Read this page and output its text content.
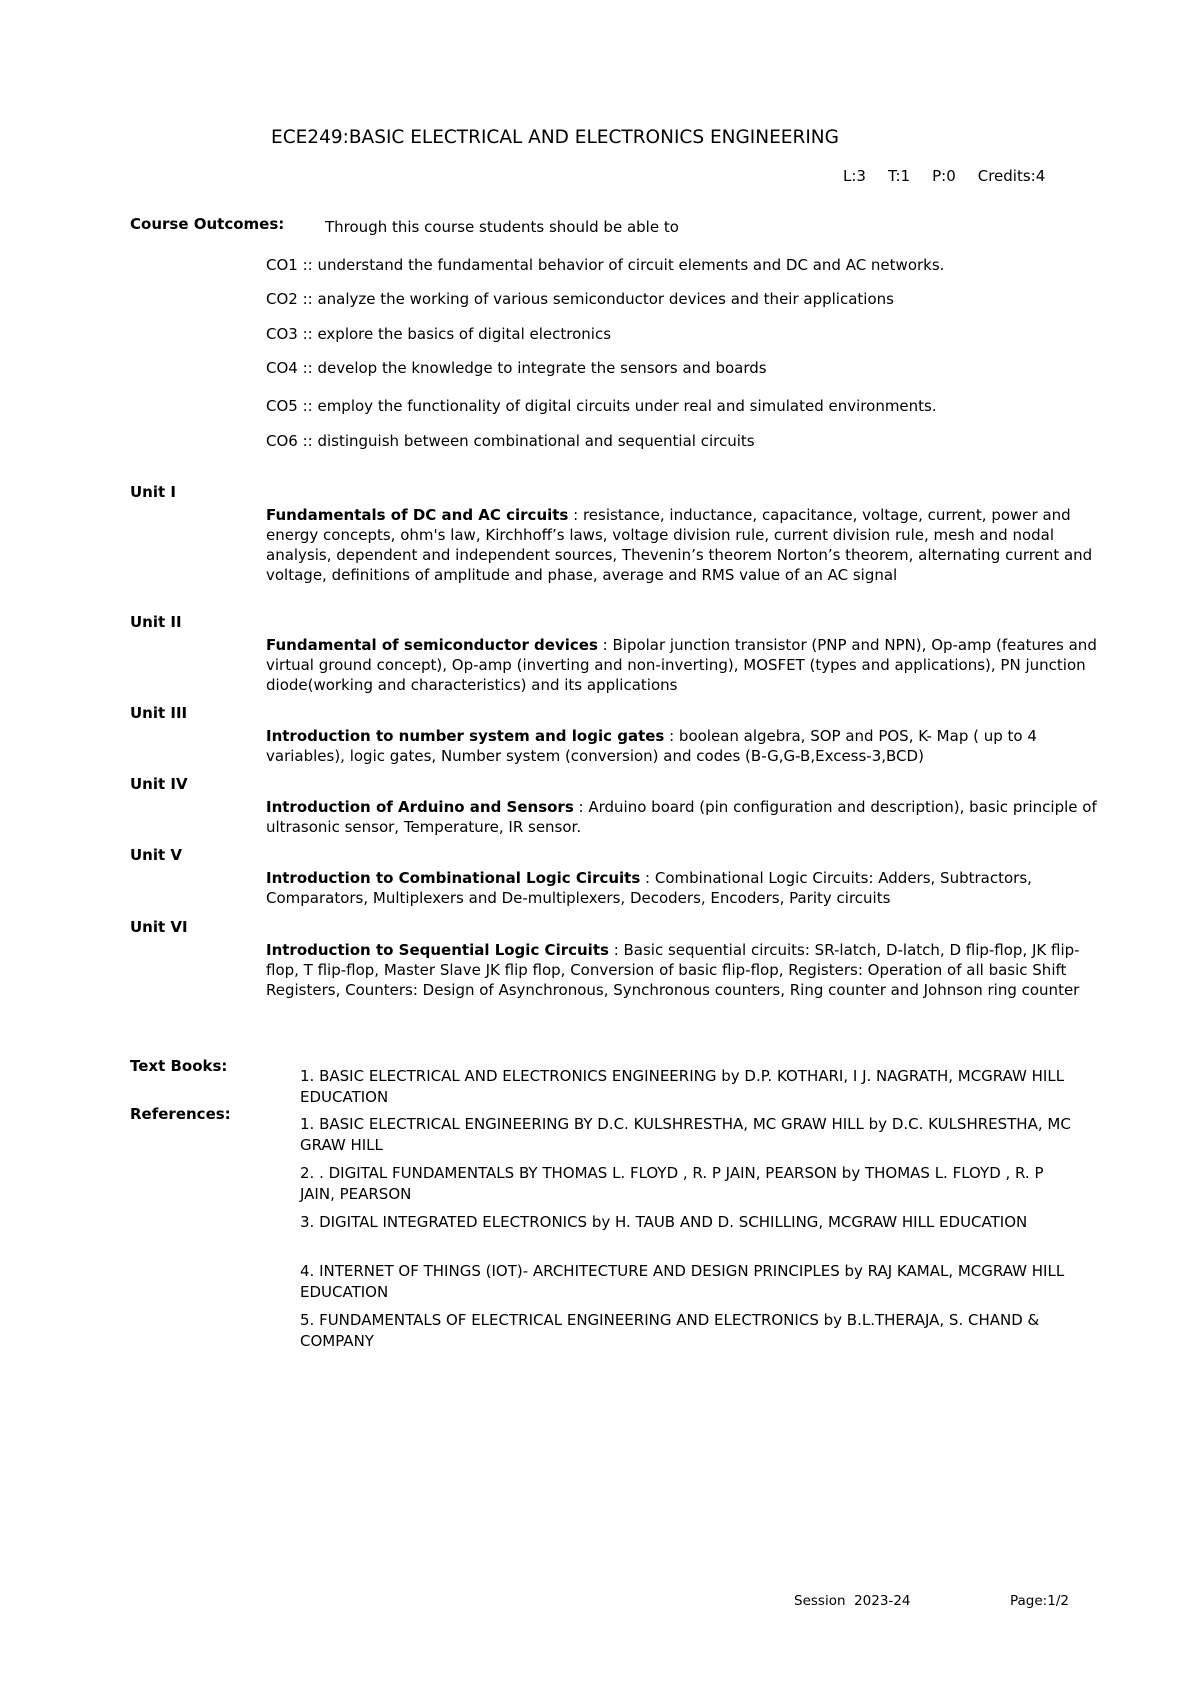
ECE249:BASIC ELECTRICAL AND ELECTRONICS ENGINEERING
L:3 T:1 P:0 Credits:4
Course Outcomes:	Through this course students should be able to
CO1 :: understand the fundamental behavior of circuit elements and DC and AC networks.
CO2 :: analyze the working of various semiconductor devices and their applications
CO3 :: explore the basics of digital electronics
CO4 :: develop the knowledge to integrate the sensors and boards
CO5 :: employ the functionality of digital circuits under real and simulated environments.
CO6 :: distinguish between combinational and sequential circuits
Unit I
Fundamentals of DC and AC circuits : resistance, inductance, capacitance, voltage, current, power and energy concepts, ohm's law, Kirchhoff’s laws, voltage division rule, current division rule, mesh and nodal analysis, dependent and independent sources, Thevenin’s theorem Norton’s theorem, alternating current and voltage, definitions of amplitude and phase, average and RMS value of an AC signal
Unit II
Fundamental of semiconductor devices : Bipolar junction transistor (PNP and NPN), Op-amp (features and virtual ground concept), Op-amp (inverting and non-inverting), MOSFET (types and applications), PN junction diode(working and characteristics) and its applications
Unit III
Introduction to number system and logic gates : boolean algebra, SOP and POS, K- Map ( up to 4 variables), logic gates, Number system (conversion) and codes (B-G,G-B,Excess-3,BCD)
Unit IV
Introduction of Arduino and Sensors : Arduino board (pin configuration and description), basic principle of ultrasonic sensor, Temperature, IR sensor.
Unit V
Introduction to Combinational Logic Circuits : Combinational Logic Circuits: Adders, Subtractors, Comparators, Multiplexers and De-multiplexers, Decoders, Encoders, Parity circuits
Unit VI
Introduction to Sequential Logic Circuits : Basic sequential circuits: SR-latch, D-latch, D flip-flop, JK flip- flop, T flip-flop, Master Slave JK flip flop, Conversion of basic flip-flop, Registers: Operation of all basic Shift Registers, Counters: Design of Asynchronous, Synchronous counters, Ring counter and Johnson ring counter
Text Books:
1. BASIC ELECTRICAL AND ELECTRONICS ENGINEERING by D.P. KOTHARI, I J. NAGRATH, MCGRAW HILL EDUCATION
References:
1. BASIC ELECTRICAL ENGINEERING BY D.C. KULSHRESTHA, MC GRAW HILL by D.C. KULSHRESTHA, MC GRAW HILL
2. . DIGITAL FUNDAMENTALS BY THOMAS L. FLOYD , R. P JAIN, PEARSON by THOMAS L. FLOYD , R. P JAIN, PEARSON
3. DIGITAL INTEGRATED ELECTRONICS by H. TAUB AND D. SCHILLING, MCGRAW HILL EDUCATION
4. INTERNET OF THINGS (IOT)- ARCHITECTURE AND DESIGN PRINCIPLES by RAJ KAMAL, MCGRAW HILL EDUCATION
5. FUNDAMENTALS OF ELECTRICAL ENGINEERING AND ELECTRONICS by B.L.THERAJA, S. CHAND & COMPANY
Session  2023-24	Page:1/2
